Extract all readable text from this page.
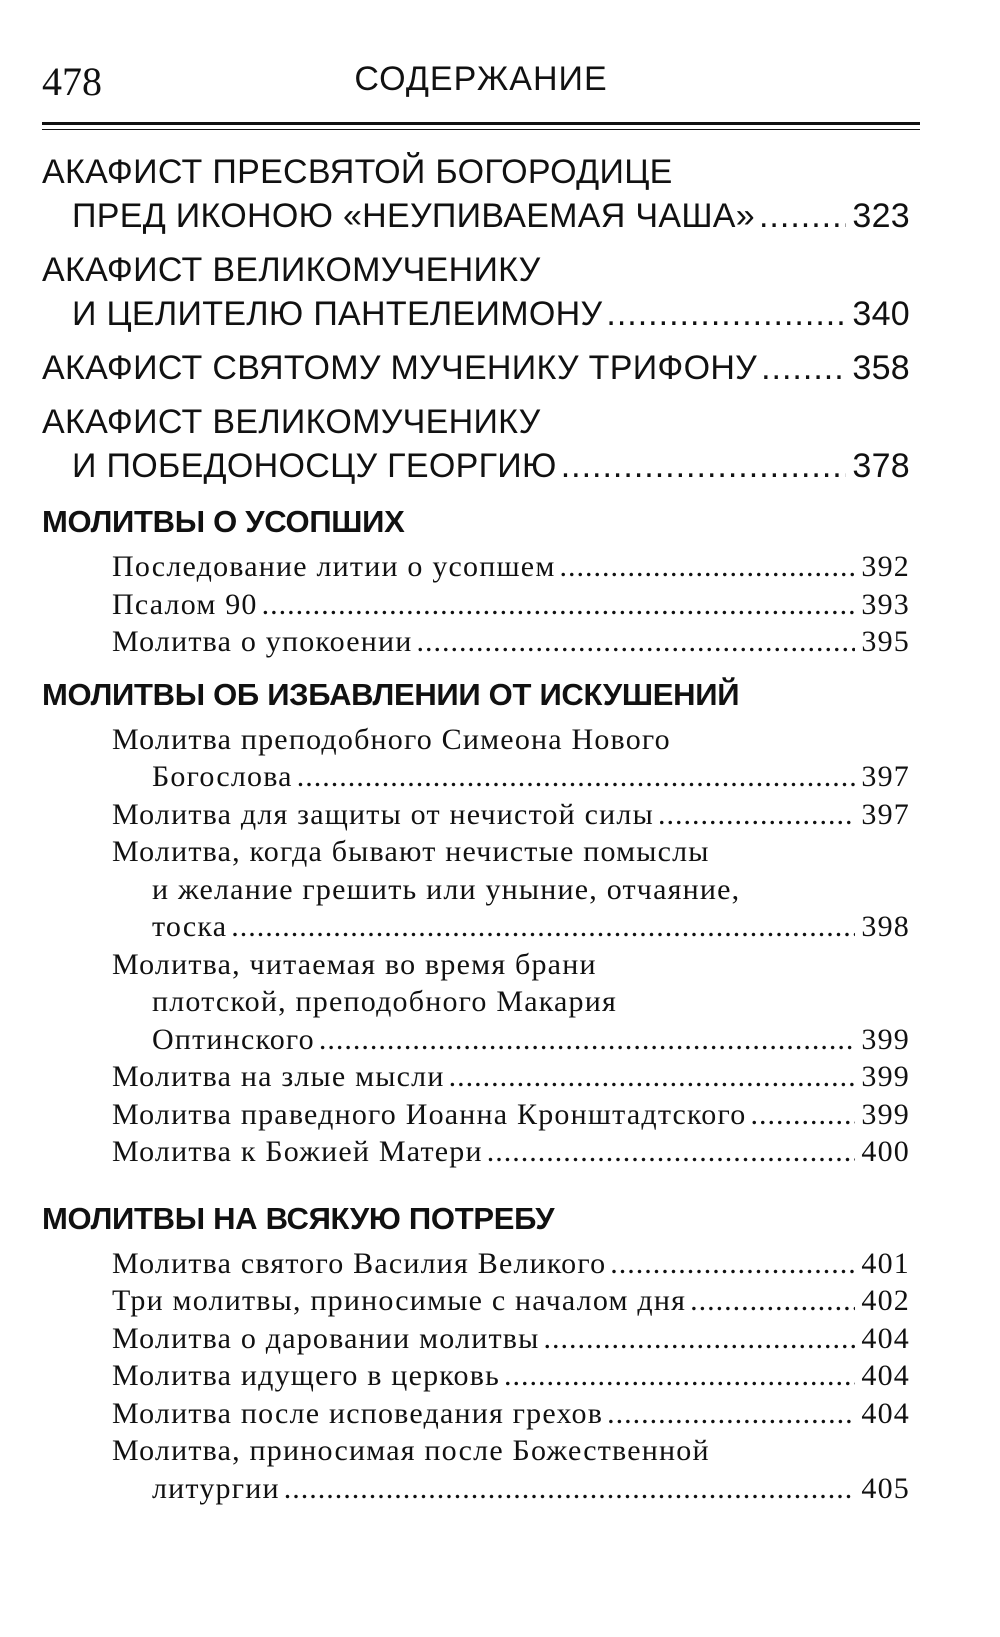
478	СОДЕРЖАНИЕ
АКАФИСТ ПРЕСВЯТОЙ БОГОРОДИЦЕ
ПРЕД ИКОНОЮ «НЕУПИВАЕМАЯ ЧАША» .....	323
АКАФИСТ ВЕЛИКОМУЧЕНИКУ
И ЦЕЛИТЕЛЮ ПАНТЕЛЕИМОНУ .....	340
АКАФИСТ СВЯТОМУ МУЧЕНИКУ ТРИФОНУ .....	358
АКАФИСТ ВЕЛИКОМУЧЕНИКУ
И ПОБЕДОНОСЦУ ГЕОРГИЮ .....	378
МОЛИТВЫ О УСОПШИХ
Последование литии о усопшем .....	392
Псалом 90 .....	393
Молитва о упокоении .....	395
МОЛИТВЫ ОБ ИЗБАВЛЕНИИ ОТ ИСКУШЕНИЙ
Молитва преподобного Симеона Нового
Богослова .....	397
Молитва для защиты от нечистой силы .....	397
Молитва, когда бывают нечистые помыслы
и желание грешить или уныние, отчаяние,
тоска .....	398
Молитва, читаемая во время брани
плотской, преподобного Макария
Оптинского .....	399
Молитва на злые мысли .....	399
Молитва праведного Иоанна Кронштадтского .....	399
Молитва к Божией Матери .....	400
МОЛИТВЫ НА ВСЯКУЮ ПОТРЕБУ
Молитва святого Василия Великого .....	401
Три молитвы, приносимые с началом дня .....	402
Молитва о даровании молитвы .....	404
Молитва идущего в церковь .....	404
Молитва после исповедания грехов .....	404
Молитва, приносимая после Божественной
литургии .....	405
